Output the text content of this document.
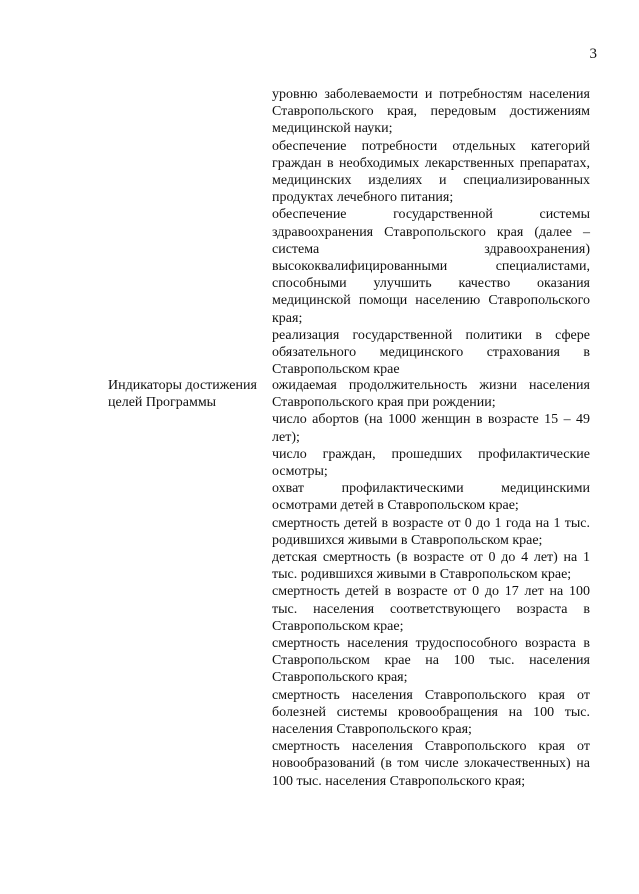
3

уровню заболеваемости и потребностям населения Ставропольского края, передовым достижениям медицинской науки;

обеспечение потребности отдельных категорий граждан в необходимых лекарственных препаратах, медицинских изделиях и специализированных продуктах лечебного питания;

обеспечение государственной системы здравоохранения Ставропольского края (далее – система здравоохранения) высококвалифицированными специалистами, способными улучшить качество оказания медицинской помощи населению Ставропольского края;

реализация государственной политики в сфере обязательного медицинского страхования в Ставропольском крае

Индикаторы достижения целей Программы

ожидаемая продолжительность жизни населения Ставропольского края при рождении;

число абортов (на 1000 женщин в возрасте 15 – 49 лет);

число граждан, прошедших профилактические осмотры;

охват профилактическими медицинскими осмотрами детей в Ставропольском крае;

смертность детей в возрасте от 0 до 1 года на 1 тыс. родившихся живыми в Ставропольском крае;

детская смертность (в возрасте от 0 до 4 лет) на 1 тыс. родившихся живыми в Ставропольском крае;

смертность детей в возрасте от 0 до 17 лет на 100 тыс. населения соответствующего возраста в Ставропольском крае;

смертность населения трудоспособного возраста в Ставропольском крае на 100 тыс. населения Ставропольского края;

смертность населения Ставропольского края от болезней системы кровообращения на 100 тыс. населения Ставропольского края;

смертность населения Ставропольского края от новообразований (в том числе злокачественных) на 100 тыс. населения Ставропольского края;
